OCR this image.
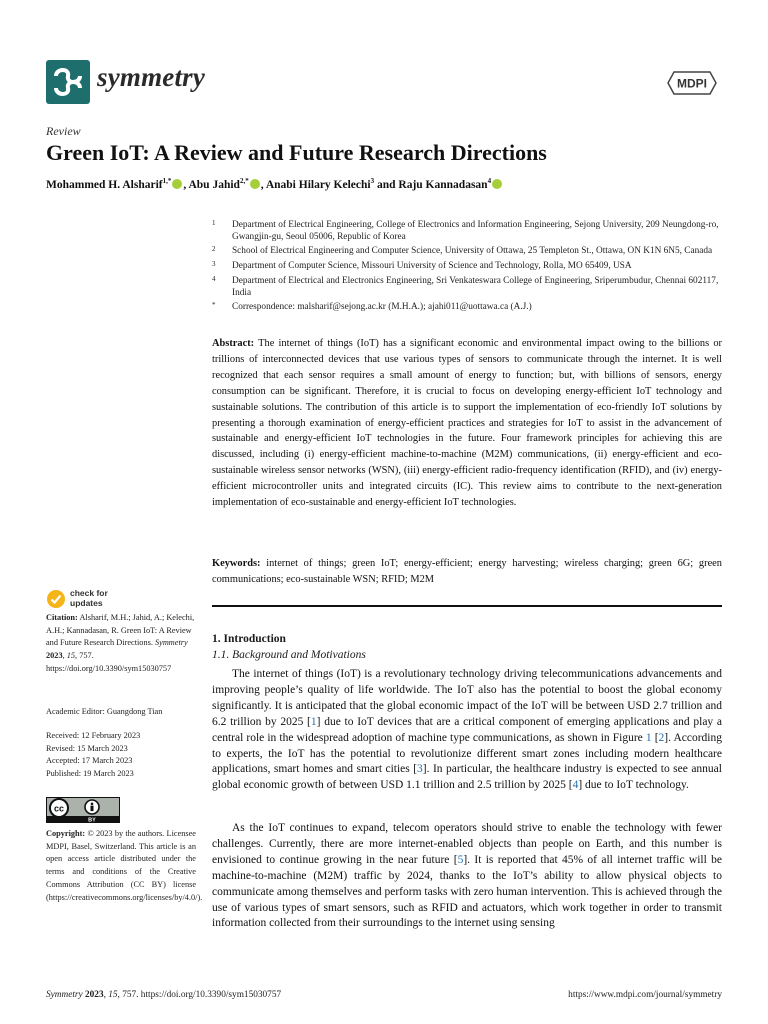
symmetry	MDPI
Review
Green IoT: A Review and Future Research Directions
Mohammed H. Alsharif$^{1,*}$ , Abu Jahid$^{2,*}$ , Anabi Hilary Kelechi$^3$ and Raju Kannadasan$^4$
1 Department of Electrical Engineering, College of Electronics and Information Engineering, Sejong University, 209 Neungdong-ro, Gwangjin-gu, Seoul 05006, Republic of Korea
2 School of Electrical Engineering and Computer Science, University of Ottawa, 25 Templeton St., Ottawa, ON K1N 6N5, Canada
3 Department of Computer Science, Missouri University of Science and Technology, Rolla, MO 65409, USA
4 Department of Electrical and Electronics Engineering, Sri Venkateswara College of Engineering, Sriperumbudur, Chennai 602117, India
* Correspondence: malsharif@sejong.ac.kr (M.H.A.); ajahi011@uottawa.ca (A.J.)

Abstract: The internet of things (IoT) has a significant economic and environmental impact owing to the billions or trillions of interconnected devices that use various types of sensors to communicate through the internet. It is well recognized that each sensor requires a small amount of energy to function; but, with billions of sensors, energy consumption can be significant. Therefore, it is crucial to focus on developing energy-efficient IoT technology and sustainable solutions. The contribution of this article is to support the implementation of eco-friendly IoT solutions by presenting a thorough examination of energy-efficient practices and strategies for IoT to assist in the advancement of sustainable and energy-efficient IoT technologies in the future. Four framework principles for achieving this are discussed, including (i) energy-efficient machine-to-machine (M2M) communications, (ii) energy-efficient and eco-sustainable wireless sensor networks (WSN), (iii) energy-efficient radio-frequency identification (RFID), and (iv) energy-efficient microcontroller units and integrated circuits (IC). This review aims to contribute to the next-generation implementation of eco-sustainable and energy-efficient IoT technologies.

Keywords: internet of things; green IoT; energy-efficient; energy harvesting; wireless charging; green 6G; green communications; eco-sustainable WSN; RFID; M2M

1. Introduction
1.1. Background and Motivations

The internet of things (IoT) is a revolutionary technology driving telecommunications advancements and improving people’s quality of life worldwide. The IoT also has the potential to boost the global economy significantly. It is anticipated that the global economic impact of the IoT will be between USD 2.7 trillion and 6.2 trillion by 2025 [1] due to IoT devices that are a critical component of emerging applications and play a central role in the widespread adoption of machine type communications, as shown in Figure 1 [2]. According to experts, the IoT has the potential to revolutionize different smart zones including modern healthcare applications, smart homes and smart cities [3]. In particular, the healthcare industry is expected to see annual global economic growth of between USD 1.1 trillion and 2.5 trillion by 2025 [4] due to IoT technology.

As the IoT continues to expand, telecom operators should strive to enable the technology with fewer challenges. Currently, there are more internet-enabled objects than people on Earth, and this number is envisioned to continue growing in the near future [5]. It is reported that 45% of all internet traffic will be machine-to-machine (M2M) traffic by 2024, thanks to the IoT’s ability to allow physical objects to communicate among themselves and perform tasks with zero human intervention. This is achieved through the use of various types of smart sensors, such as RFID and actuators, which work together in order to transmit information collected from their surroundings to the internet using sensing

check for
updates

Citation: Alsharif, M.H.; Jahid, A.; Kelechi, A.H.; Kannadasan, R. Green IoT: A Review and Future Research Directions. Symmetry 2023, 15, 757. https://doi.org/10.3390/sym15030757

Academic Editor: Guangdong Tian

Received: 12 February 2023
Revised: 15 March 2023
Accepted: 17 March 2023
Published: 19 March 2023
cc
BY

Copyright: © 2023 by the authors. Licensee MDPI, Basel, Switzerland. This article is an open access article distributed under the terms and conditions of the Creative Commons Attribution (CC BY) license (https://creativecommons.org/licenses/by/4.0/).

Symmetry 2023, 15, 757. https://doi.org/10.3390/sym15030757	https://www.mdpi.com/journal/symmetry
